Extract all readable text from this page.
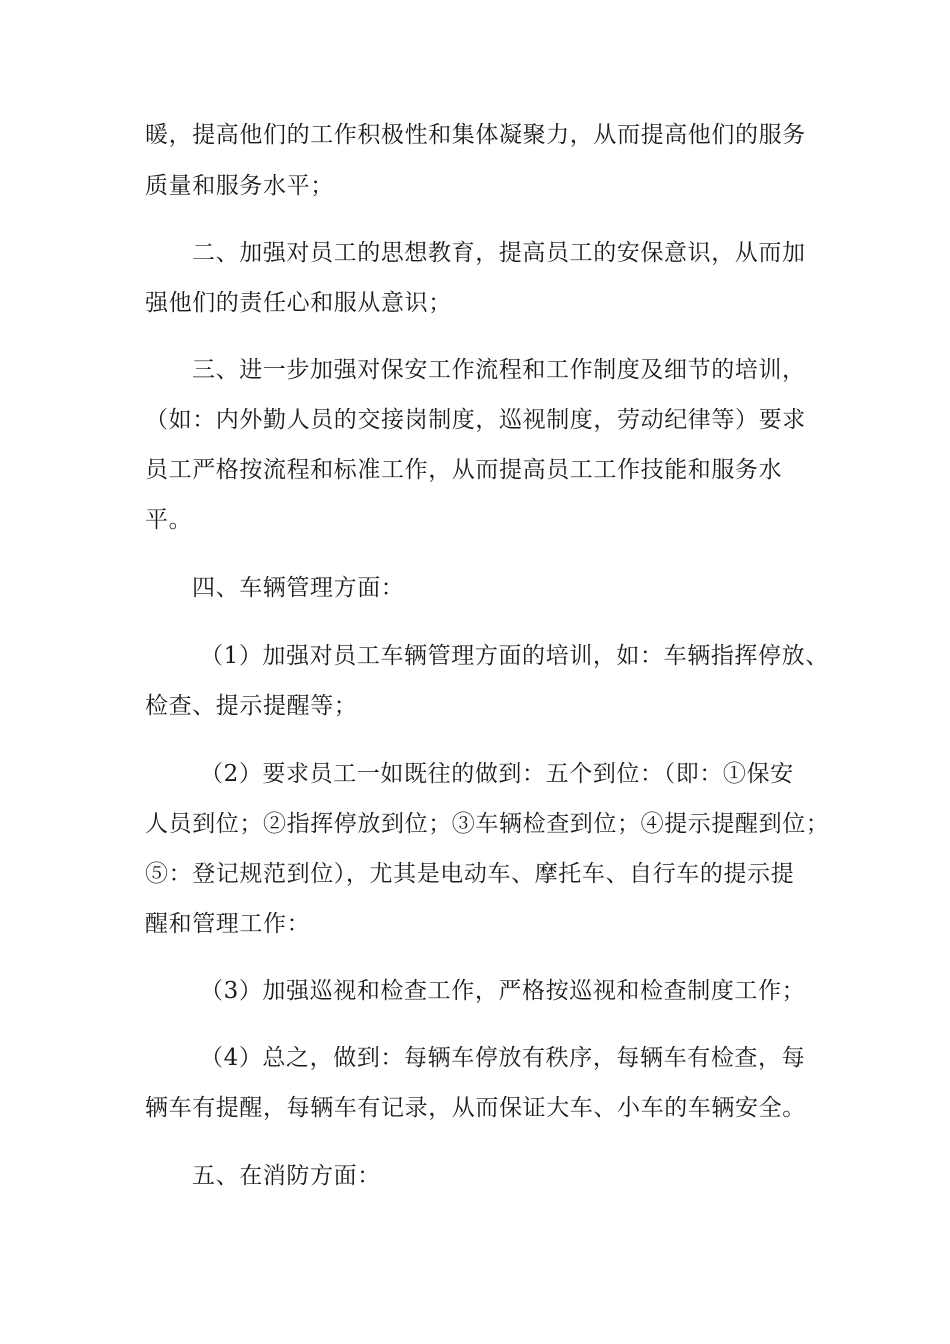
暖，提高他们的工作积极性和集体凝聚力，从而提高他们的服务
质量和服务水平；
二、加强对员工的思想教育，提高员工的安保意识，从而加
强他们的责任心和服从意识；
三、进一步加强对保安工作流程和工作制度及细节的培训，
（如：内外勤人员的交接岗制度，巡视制度，劳动纪律等）要求
员工严格按流程和标准工作，从而提高员工工作技能和服务水
平。
四、车辆管理方面：
（1）加强对员工车辆管理方面的培训，如：车辆指挥停放、
检查、提示提醒等；
（2）要求员工一如既往的做到：五个到位：（即：①保安
人员到位；②指挥停放到位；③车辆检查到位；④提示提醒到位；
⑤：登记规范到位），尤其是电动车、摩托车、自行车的提示提
醒和管理工作：
（3）加强巡视和检查工作，严格按巡视和检查制度工作；
（4）总之，做到：每辆车停放有秩序，每辆车有检查，每
辆车有提醒，每辆车有记录，从而保证大车、小车的车辆安全。
五、在消防方面：
